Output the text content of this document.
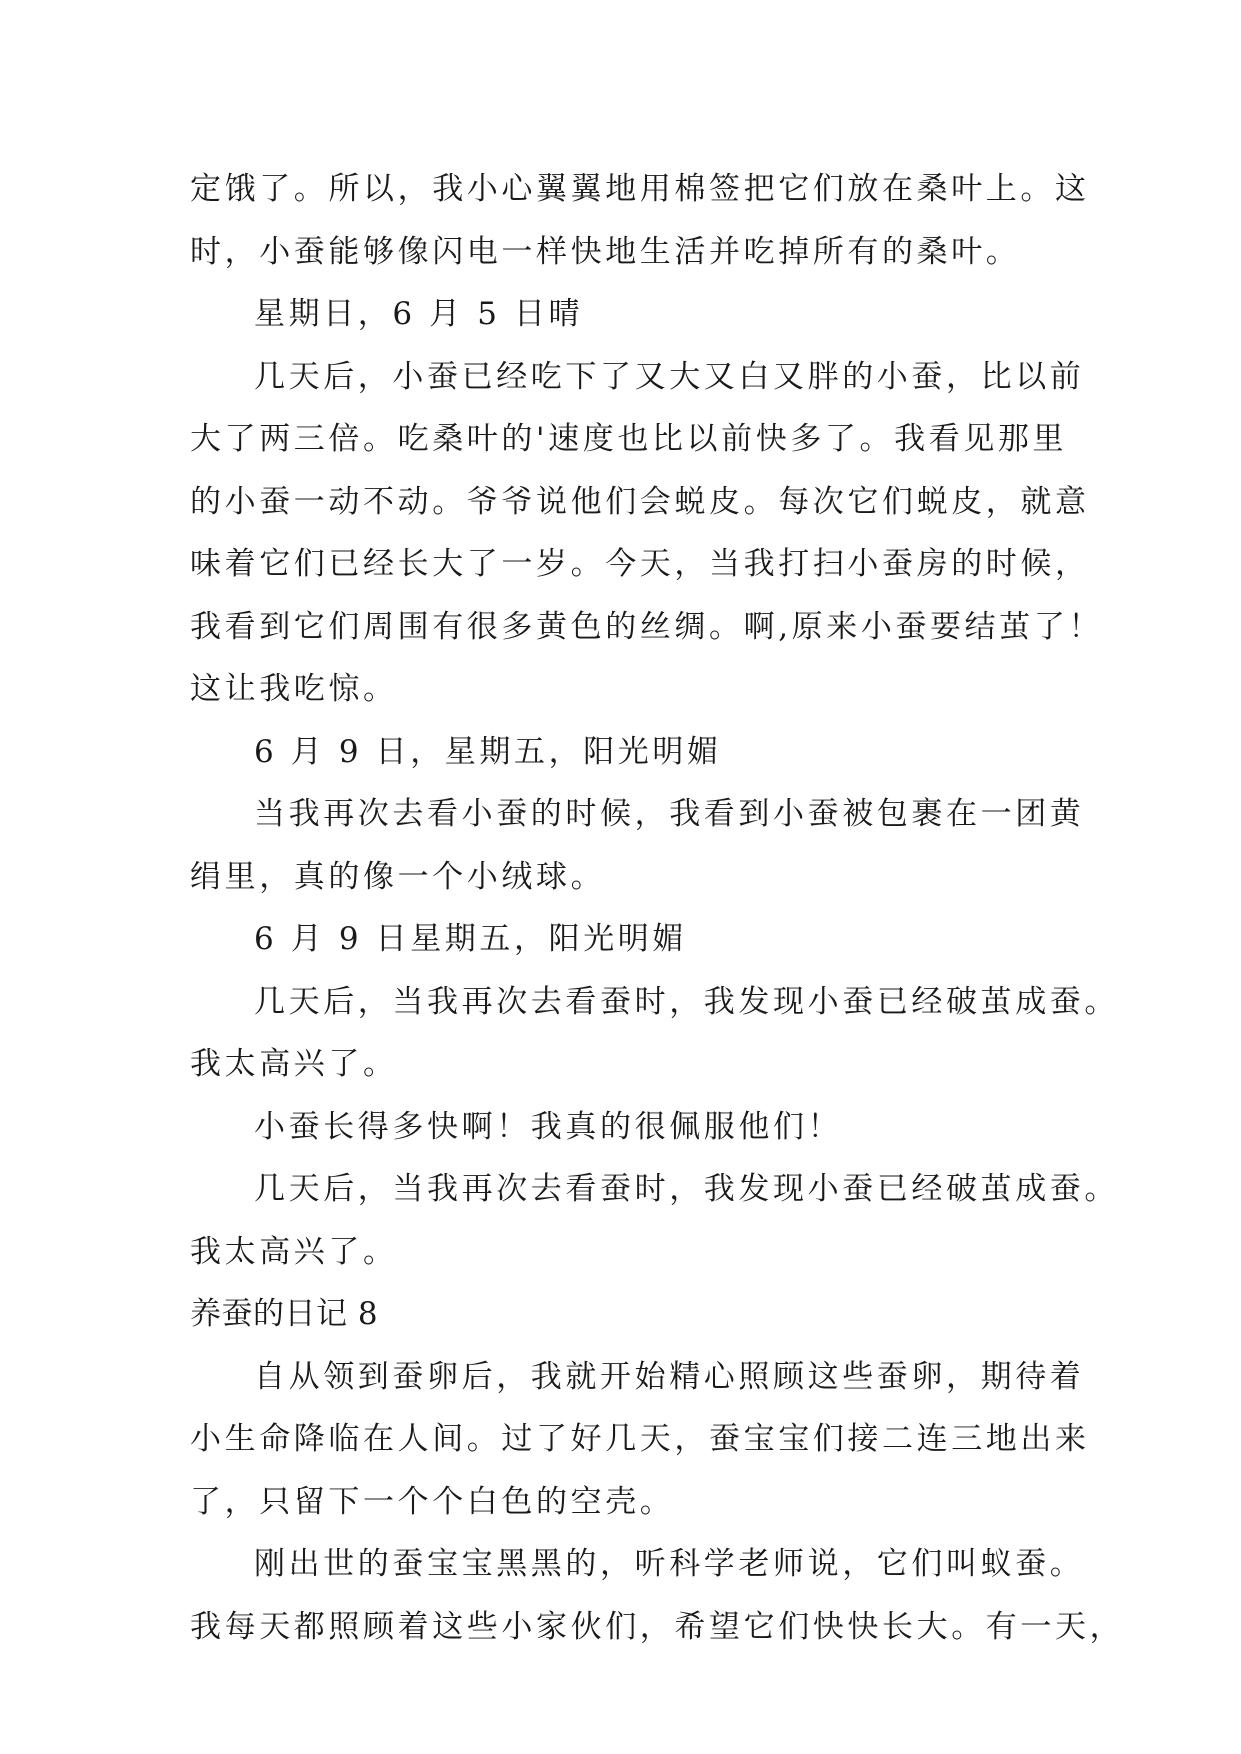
定饿了。所以，我小心翼翼地用棉签把它们放在桑叶上。这
时，小蚕能够像闪电一样快地生活并吃掉所有的桑叶。
星期日，6 月 5 日晴
几天后，小蚕已经吃下了又大又白又胖的小蚕，比以前
大了两三倍。吃桑叶的'速度也比以前快多了。我看见那里
的小蚕一动不动。爷爷说他们会蜕皮。每次它们蜕皮，就意
味着它们已经长大了一岁。今天，当我打扫小蚕房的时候，
我看到它们周围有很多黄色的丝绸。啊,原来小蚕要结茧了！
这让我吃惊。
6 月 9 日，星期五，阳光明媚
当我再次去看小蚕的时候，我看到小蚕被包裹在一团黄
绢里，真的像一个小绒球。
6 月 9 日星期五，阳光明媚
几天后，当我再次去看蚕时，我发现小蚕已经破茧成蚕。
我太高兴了。
小蚕长得多快啊！我真的很佩服他们！
几天后，当我再次去看蚕时，我发现小蚕已经破茧成蚕。
我太高兴了。
养蚕的日记 8
自从领到蚕卵后，我就开始精心照顾这些蚕卵，期待着
小生命降临在人间。过了好几天，蚕宝宝们接二连三地出来
了，只留下一个个白色的空壳。
刚出世的蚕宝宝黑黑的，听科学老师说，它们叫蚁蚕。
我每天都照顾着这些小家伙们，希望它们快快长大。有一天，
